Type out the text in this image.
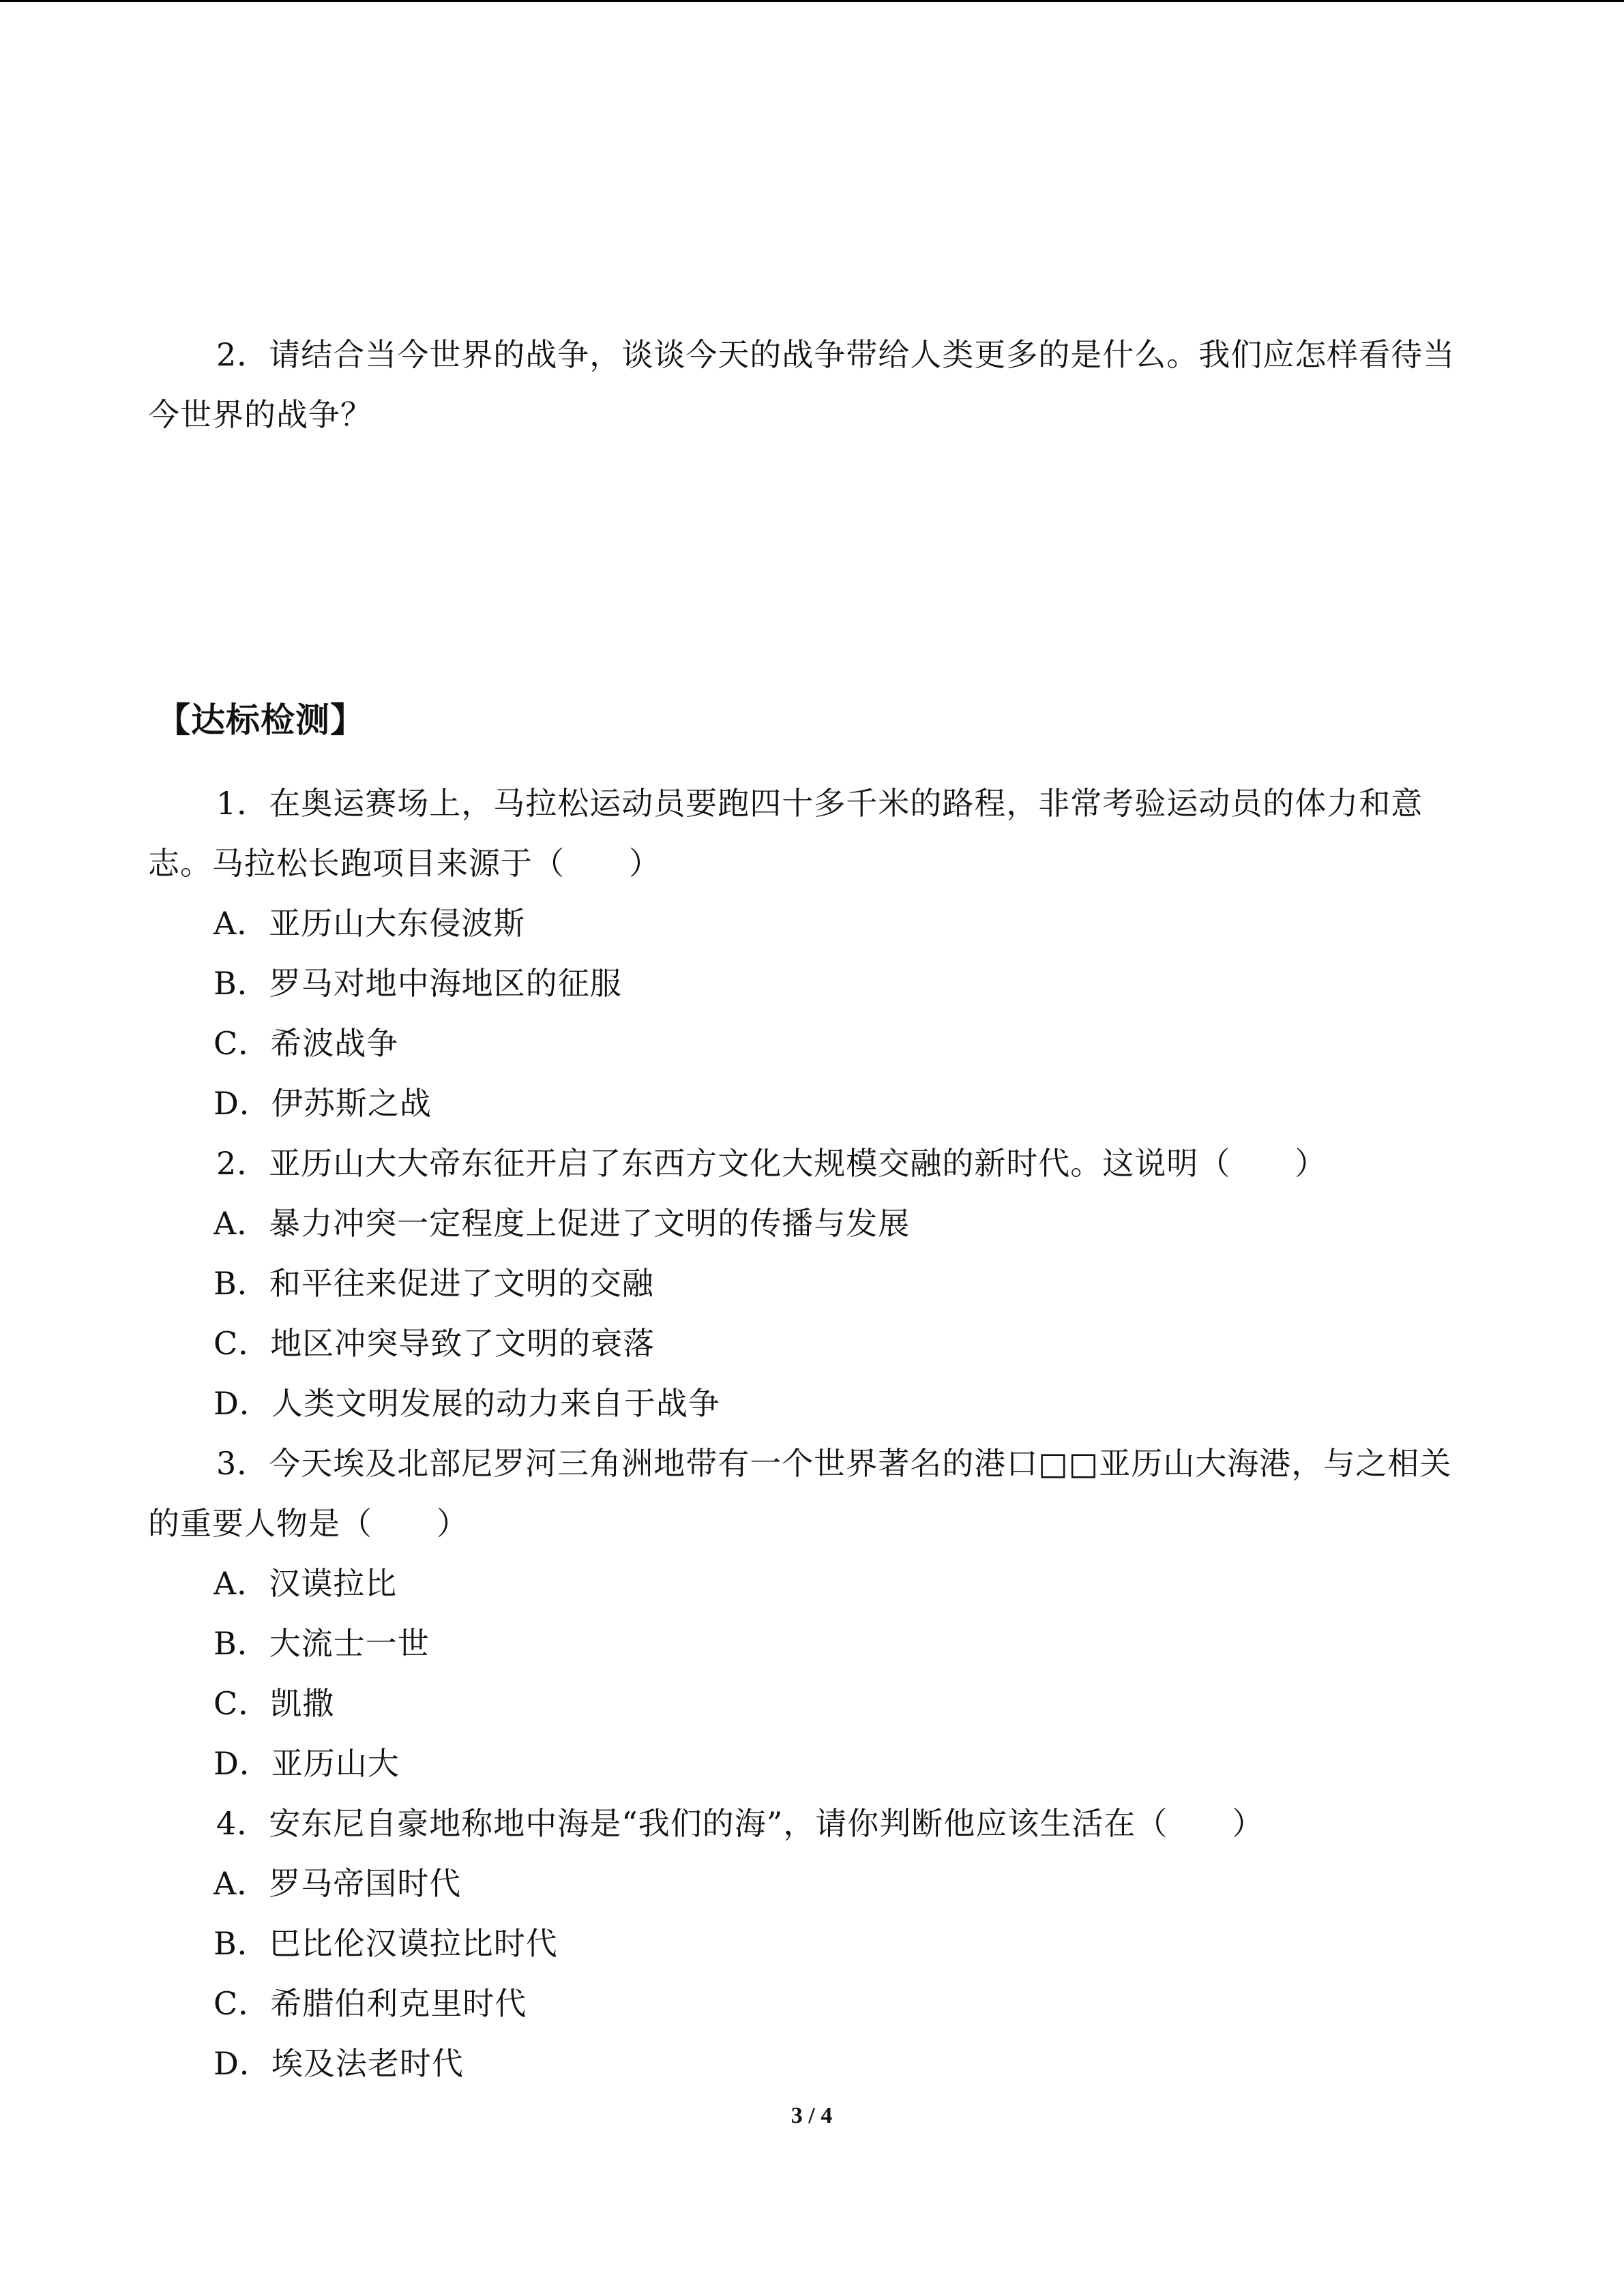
2．请结合当今世界的战争，谈谈今天的战争带给人类更多的是什么。我们应怎样看待当
今世界的战争？
【达标检测】
1．在奥运赛场上，马拉松运动员要跑四十多千米的路程，非常考验运动员的体力和意
志。马拉松长跑项目来源于（　　）
A．亚历山大东侵波斯
B．罗马对地中海地区的征服
C．希波战争
D．伊苏斯之战
2．亚历山大大帝东征开启了东西方文化大规模交融的新时代。这说明（　　）
A．暴力冲突一定程度上促进了文明的传播与发展
B．和平往来促进了文明的交融
C．地区冲突导致了文明的衰落
D．人类文明发展的动力来自于战争
3．今天埃及北部尼罗河三角洲地带有一个世界著名的港口□□亚历山大海港，与之相关
的重要人物是（　　）
A．汉谟拉比
B．大流士一世
C．凯撒
D．亚历山大
4．安东尼自豪地称地中海是“我们的海”，请你判断他应该生活在（　　）
A．罗马帝国时代
B．巴比伦汉谟拉比时代
C．希腊伯利克里时代
D．埃及法老时代
3 / 4
